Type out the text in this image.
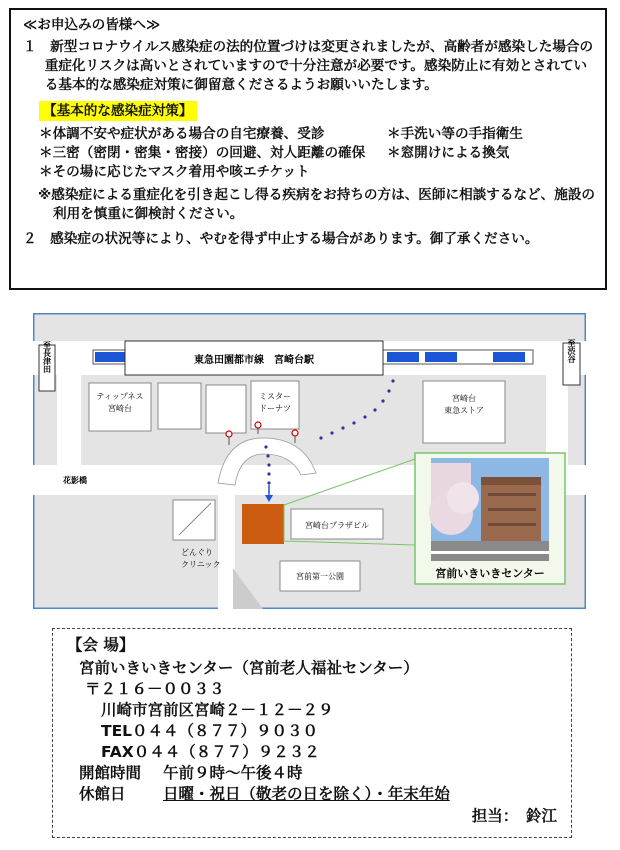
≪お申込みの皆様へ≫

１　新型コロナウイルス感染症の法的位置づけは変更されましたが、高齢者が感染した場合の重症化リスクは高いとされていますので十分注意が必要です。感染防止に有効とされている基本的な感染症対策に御留意くださるようお願いいたします。

【基本的な感染症対策】
＊体調不安や症状がある場合の自宅療養、受診	＊手洗い等の手指衛生
＊三密（密閉・密集・密接）の回避、対人距離の確保	＊窓開けによる換気
＊その場に応じたマスク着用や咳エチケット

※感染症による重症化を引き起こし得る疾病をお持ちの方は、医師に相談するなど、施設の利用を慎重に御検討ください。

２　感染症の状況等により、やむを得ず中止する場合があります。御了承ください。

東急田園都市線　宮崎台駅
至長津田	至渋谷
ティップネス
宮崎台
ミスター
ドーナツ
宮崎台
東急ストア
花影橋
どんぐり
クリニック
宮崎台プラザビル
宮前第一公園	宮前いきいきセンター
【会 場】
宮前いきいきセンター（宮前老人福祉センター）
〒２１６－００３３
川崎市宮前区宮崎２－１２－２９
TEL０４４（８７７）９０３０
FAX０４４（８７７）９２３２
開館時間 午前９時～午後４時
休館日 日曜・祝日（敬老の日を除く）・年末年始
担当：　鈴江
